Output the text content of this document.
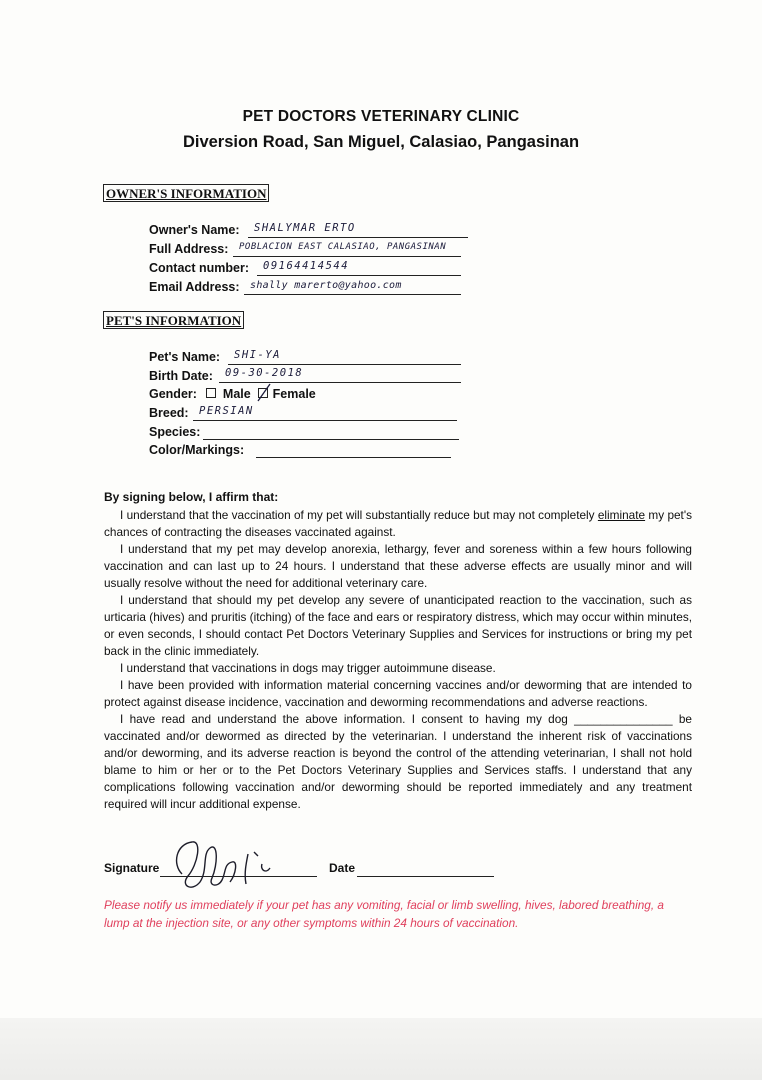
PET DOCTORS VETERINARY CLINIC
Diversion Road, San Miguel, Calasiao, Pangasinan
OWNER'S INFORMATION
Owner's Name:	SHALYMAR ERTO
Full Address:	POBLACION EAST CALASIAO, PANGASINAN
Contact number:	09164414544
Email Address:	shally marerto@yahoo.com
PET'S INFORMATION
Pet's Name:	SHI-YA
Birth Date:	09-30-2018
Gender: Male Female
Breed: PERSIAN
Species:
Color/Markings:
By signing below, I affirm that:

I understand that the vaccination of my pet will substantially reduce but may not completely eliminate my pet's chances of contracting the diseases vaccinated against.

I understand that my pet may develop anorexia, lethargy, fever and soreness within a few hours following vaccination and can last up to 24 hours. I understand that these adverse effects are usually minor and will usually resolve without the need for additional veterinary care.

I understand that should my pet develop any severe of unanticipated reaction to the vaccination, such as urticaria (hives) and pruritis (itching) of the face and ears or respiratory distress, which may occur within minutes, or even seconds, I should contact Pet Doctors Veterinary Supplies and Services for instructions or bring my pet back in the clinic immediately.

I understand that vaccinations in dogs may trigger autoimmune disease.

I have been provided with information material concerning vaccines and/or deworming that are intended to protect against disease incidence, vaccination and deworming recommendations and adverse reactions.

I have read and understand the above information. I consent to having my dog _______________ be vaccinated and/or dewormed as directed by the veterinarian. I understand the inherent risk of vaccinations and/or deworming, and its adverse reaction is beyond the control of the attending veterinarian, I shall not hold blame to him or her or to the Pet Doctors Veterinary Supplies and Services staffs. I understand that any complications following vaccination and/or deworming should be reported immediately and any treatment required will incur additional expense.

Signature	Date
Please notify us immediately if your pet has any vomiting, facial or limb swelling, hives, labored breathing, a lump at the injection site, or any other symptoms within 24 hours of vaccination.
